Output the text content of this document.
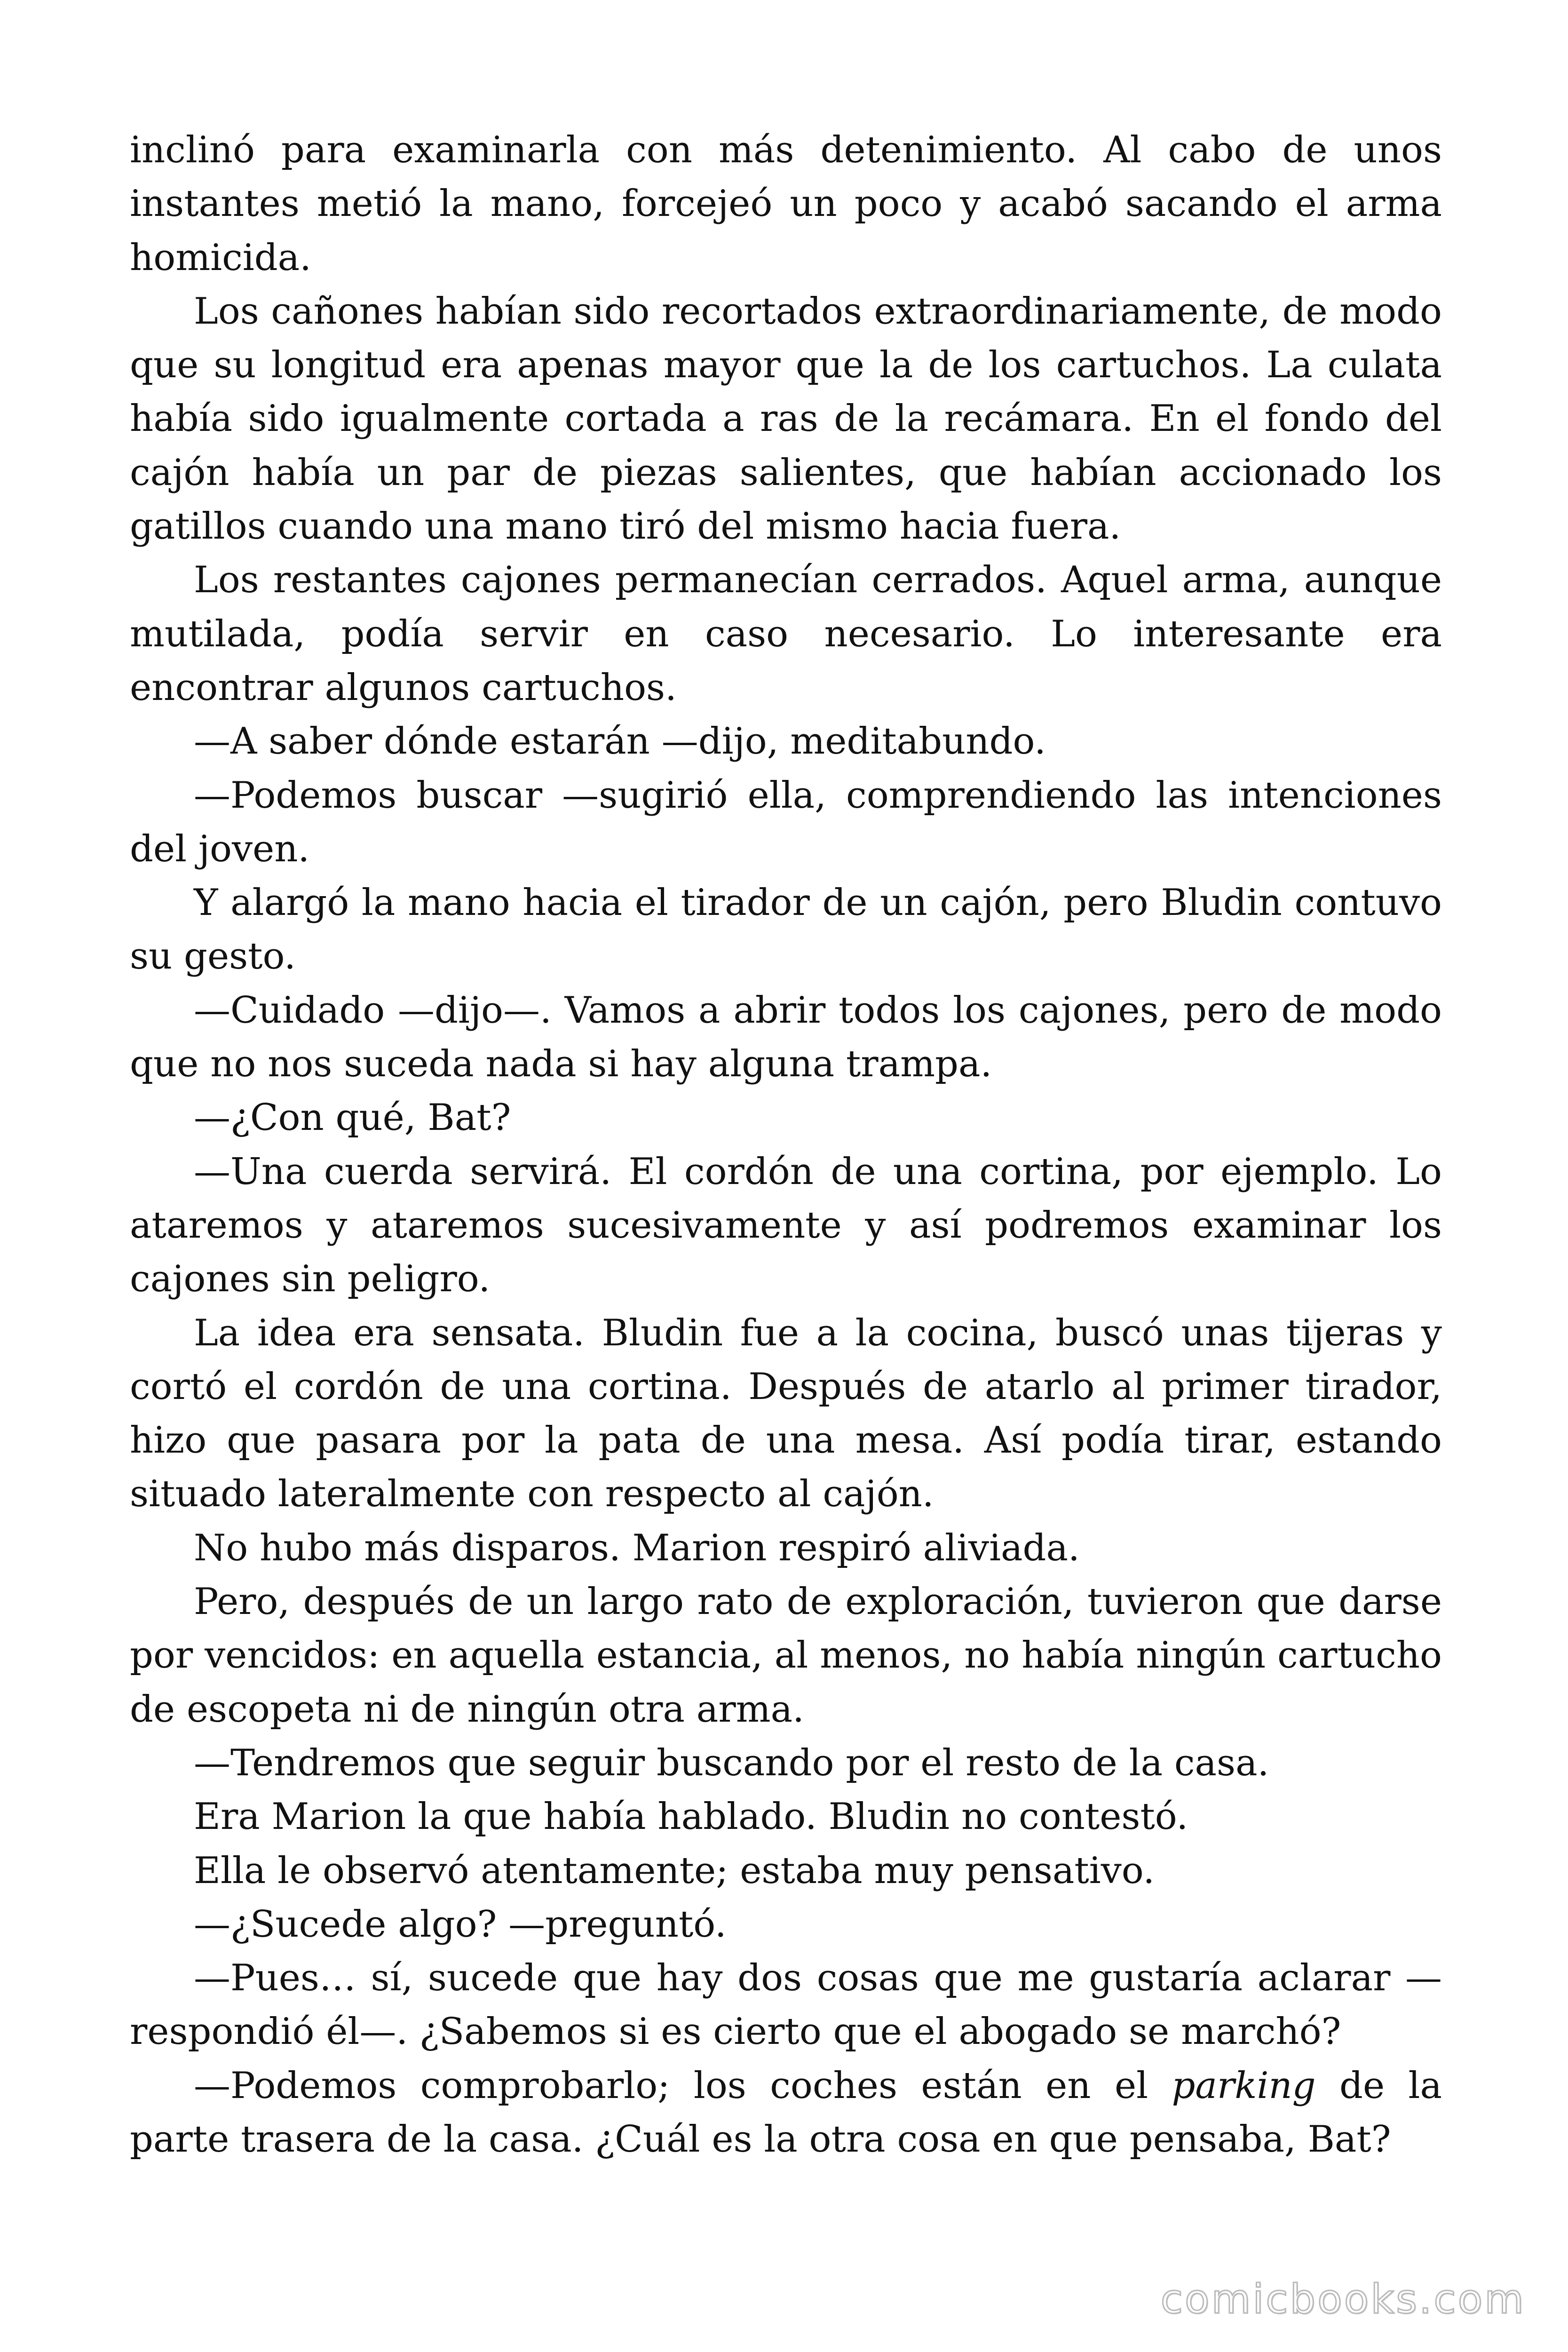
inclinó para examinarla con más detenimiento. Al cabo de unos instantes metió la mano, forcejeó un poco y acabó sacando el arma homicida.

Los cañones habían sido recortados extraordinariamente, de modo que su longitud era apenas mayor que la de los cartuchos. La culata había sido igualmente cortada a ras de la recámara. En el fondo del cajón había un par de piezas salientes, que habían accionado los gatillos cuando una mano tiró del mismo hacia fuera.

Los restantes cajones permanecían cerrados. Aquel arma, aunque mutilada, podía servir en caso necesario. Lo interesante era encontrar algunos cartuchos.

—A saber dónde estarán —dijo, meditabundo.

—Podemos buscar —sugirió ella, comprendiendo las intenciones del joven.

Y alargó la mano hacia el tirador de un cajón, pero Bludin contuvo su gesto.

—Cuidado —dijo—. Vamos a abrir todos los cajones, pero de modo que no nos suceda nada si hay alguna trampa.

—¿Con qué, Bat?

—Una cuerda servirá. El cordón de una cortina, por ejemplo. Lo ataremos y ataremos sucesivamente y así podremos examinar los cajones sin peligro.

La idea era sensata. Bludin fue a la cocina, buscó unas tijeras y cortó el cordón de una cortina. Después de atarlo al primer tirador, hizo que pasara por la pata de una mesa. Así podía tirar, estando situado lateralmente con respecto al cajón.

No hubo más disparos. Marion respiró aliviada.

Pero, después de un largo rato de exploración, tuvieron que darse por vencidos: en aquella estancia, al menos, no había ningún cartucho de escopeta ni de ningún otra arma.

—Tendremos que seguir buscando por el resto de la casa.

Era Marion la que había hablado. Bludin no contestó.

Ella le observó atentamente; estaba muy pensativo.

—¿Sucede algo? —preguntó.

—Pues… sí, sucede que hay dos cosas que me gustaría aclarar —respondió él—. ¿Sabemos si es cierto que el abogado se marchó?

—Podemos comprobarlo; los coches están en el parking de la parte trasera de la casa. ¿Cuál es la otra cosa en que pensaba, Bat?

comicbooks.com
